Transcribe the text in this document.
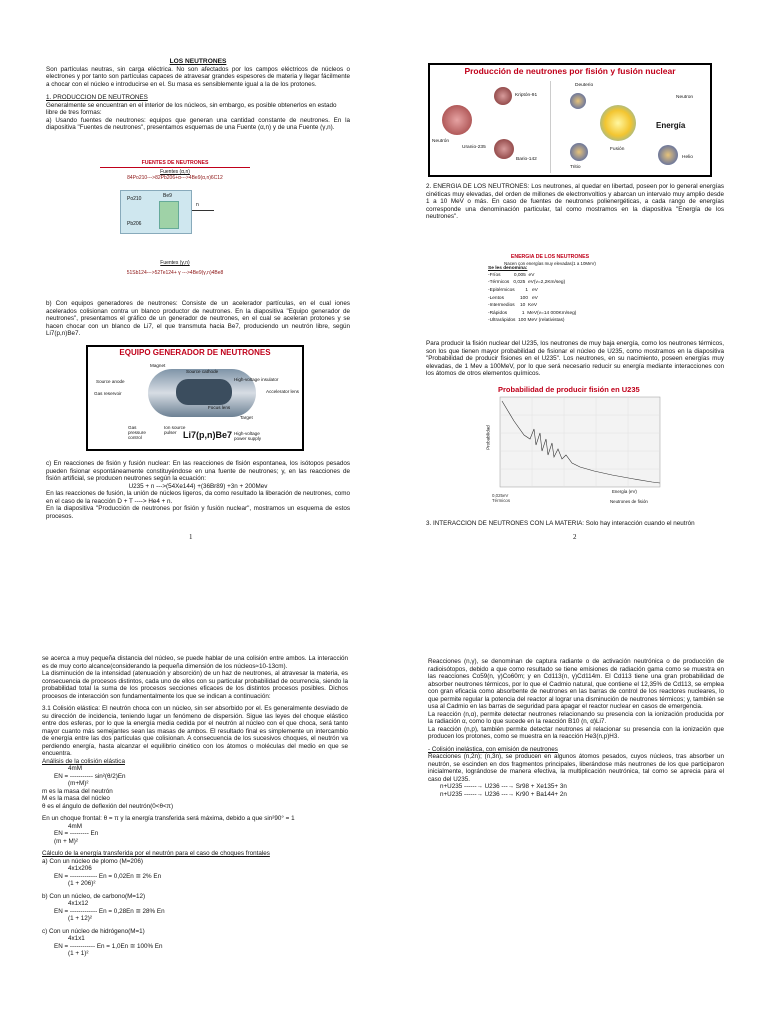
LOS NEUTRONES

Son partículas neutras, sin carga eléctrica. No son afectados por los campos eléctricos de núcleos o electrones y por tanto son partículas capaces de atravesar grandes espesores de materia y llegar fácilmente a chocar con el núcleo e introducirse en el. Su masa es sensiblemente igual a la de los protones.

1. PRODUCCION DE NEUTRONES

Generalmente se encuentran en el interior de los núcleos, sin embargo, es posible obtenerlos en estado libre de tres formas:

a) Usando fuentes de neutrones: equipos que generan una cantidad constante de neutrones. En la diapositiva "Fuentes de neutrones", presentamos esquemas de una Fuente (α,n) y de una Fuente (γ,n).

FUENTES DE NEUTRONES
Fuentes (α,n)
84Po210--->82Pb206+α--->4Be9(α,n)6C12
Po210	Be9
Pb206
n
Fuentes (γ,n)
51Sb124--->52Te124+ γ --->4Be9(γ,n)4Be8

b) Con equipos generadores de neutrones: Consiste de un acelerador partículas, en el cual iones acelerados colisionan contra un blanco productor de neutrones. En la diapositiva "Equipo generador de neutrones", presentamos el gráfico de un generador de neutrones, en el cual se aceleran protones y se hacen chocar con un blanco de Li7, el que transmuta hacia Be7, produciendo un neutrón libre, según Li7(p,n)Be7.

EQUIPO GENERADOR DE NEUTRONES
Magnet
Source cathode
Source anode	High-voltage insulator
Gas reservoir	Accelerator lens
Focus lens
Target
Gas pressure control
Ion source pulser	High-voltage power supply
Li7(p,n)Be7

c) En reacciones de fisión y fusión nuclear: En las reacciones de fisión espontanea, los isótopos pesados pueden fisionar espontáneamente constituyéndose en una fuente de neutrones; y, en las reacciones de fisión artificial, se producen neutrones según la ecuación:

U235 + n --->(54Xe144) +(36Br89) +3n + 200Mev

En las reacciones de fusión, la unión de núcleos ligeros, da como resultado la liberación de neutrones, como en el caso de la reacción D + T ----> He4 + n.

En la diapositiva "Producción de neutrones por fisión y fusión nuclear", mostramos un esquema de estos procesos.

1
Producción de neutrones por fisión y fusión nuclear
Neutrón
Uranio-235
Kriptón-91
Bario-142
Deuterio
Fusión
Tritio
Neutron
Energía
Helio

2. ENERGIA DE LOS NEUTRONES: Los neutrones, al quedar en libertad, poseen por lo general energías cinéticas muy elevadas, del orden de millones de electronvoltios y abarcan un intervalo muy amplio desde 1 a 10 MeV o más. En caso de fuentes de neutrones polienergéticas, a cada rango de energías corresponde una denominación particular, tal como mostramos en la diapositiva "Energía de los neutrones".

ENERGIA DE LOS NEUTRONES
Nacen con energías muy elevadas(1 a 10MeV)
Se les denomina:
-Fríos          0,005  eV
-Térmicos   0,025  eV(v=2,2Km/seg)
-Epitérmicos        1   eV
-Lentos            100   eV
-Intermedios    10  KeV
-Rápidos           1  MeV(v=14 000Km/seg)
-Ultrarápidos  100 MeV (relativistas)

Para producir la fisión nuclear del U235, los neutrones de muy baja energía, como los neutrones térmicos, son los que tienen mayor probabilidad de fisionar el núcleo de U235, como mostramos en la diapositiva "Probabilidad de producir fisiones en el U235". Los neutrones, en su nacimiento, poseen energías muy elevadas, de 1 Mev a 100MeV, por lo que será necesario reducir su energía mediante interacciones con los átomos de otros elementos químicos.

Probabilidad de producir fisión en U235
Probabilidad
Energía (eV)
0,025eV Térmicos	Neutrones de fisión

3. INTERACCION DE NEUTRONES CON LA MATERIA: Solo hay interacción cuando el neutrón

2

se acerca a muy pequeña distancia del núcleo, se puede hablar de una colisión entre ambos. La interacción es de muy corto alcance(considerando la pequeña dimensión de los núcleos≈10-13cm).

La disminución de la intensidad (atenuación y absorción) de un haz de neutrones, al atravesar la materia, es consecuencia de procesos distintos, cada uno de ellos con su particular probabilidad de ocurrencia, siendo la probabilidad total la suma de los procesos secciones eficaces de los distintos procesos posibles. Dichos procesos de interacción son fundamentalmente los que se indican a continuación:

3.1 Colisión elástica: El neutrón choca con un núcleo, sin ser absorbido por el. Es generalmente desviado de su dirección de incidencia, teniendo lugar un fenómeno de dispersión. Sigue las leyes del choque elástico entre dos esferas, por lo que la energía media cedida por el neutrón al núcleo con el que choca, será tanto mayor cuanto más semejantes sean las masas de ambos. El resultado final es simplemente un intercambio de energía entre las dos partículas que colisionan. A consecuencia de los sucesivos choques, el neutrón va perdiendo energía, hasta alcanzar el equilibrio cinético con los átomos o moléculas del medio en que se encuentra.

Análisis de la colisión elástica

4mM

EN = ----------- sin²(θ/2)En

(m+M)²

m es la masa del neutrón

M es la masa del núcleo

θ es el ángulo de deflexión del neutrón(0<θ<π)

En un choque frontal: θ = π y la energía transferida será máxima, debido a que sin²90° = 1

4mM

EN = --------- En

(m + M)²

Cálculo de la energía transferida por el neutrón para el caso de choques frontales

a) Con un núcleo de plomo (M=206)

4x1x206

EN = ------------- En = 0,02En ≅ 2% En

(1 + 206)²

b) Con un núcleo, de carbono(M=12)

4x1x12

EN = ------------- En = 0,28En ≅ 28% En

(1 + 12)²

c) Con un núcleo de hidrógeno(M=1)

4x1x1

EN = ------------ En = 1,0En ≅ 100% En

(1 + 1)²

Reacciones (n,γ), se denominan de captura radiante o de activación neutrónica o de producción de radioisótopos, debido a que como resultado se tiene emisiones de radiación gama como se muestra en las reacciones Co59(n, γ)Co60m; y en Cd113(n, γ)Cd114m. El Cd113 tiene una gran probabilidad de absorber neutrones térmicos, por lo que el Cadmio natural, que contiene el 12,35% de Cd113, se emplea con gran eficacia como absorbente de neutrones en las barras de control de los reactores nucleares, lo que permite regular la potencia del reactor al lograr una disminución de neutrones térmicos; y, también se usa al Cadmio en las barras de seguridad para apagar el reactor nuclear en casos de emergencia.

La reacción (n,α), permite detectar neutrones relacionando su presencia con la ionización producida por la radiación α, como lo que sucede en la reacción B10 (n, α)Li7.

La reacción (n,p), también permite detectar neutrones al relacionar su presencia con la ionización que producen los protones, como se muestra en la reacción He3(n,p)H3.

- Colisión inelástica, con emisión de neutrones

Reacciones (n,2n); (n,3n), se producen en algunos átomos pesados, cuyos núcleos, tras absorber un neutrón, se escinden en dos fragmentos principales, liberándose más neutrones de los que participaron inicialmente, lográndose de manera efectiva, la multiplicación neutrónica, tal como se aprecia para el caso del U235.

n+U235 ------→ U236 ---→ Sr98 + Xe135+ 3n

n+U235 ------→ U236 ---→ Kr90 + Ba144+ 2n
